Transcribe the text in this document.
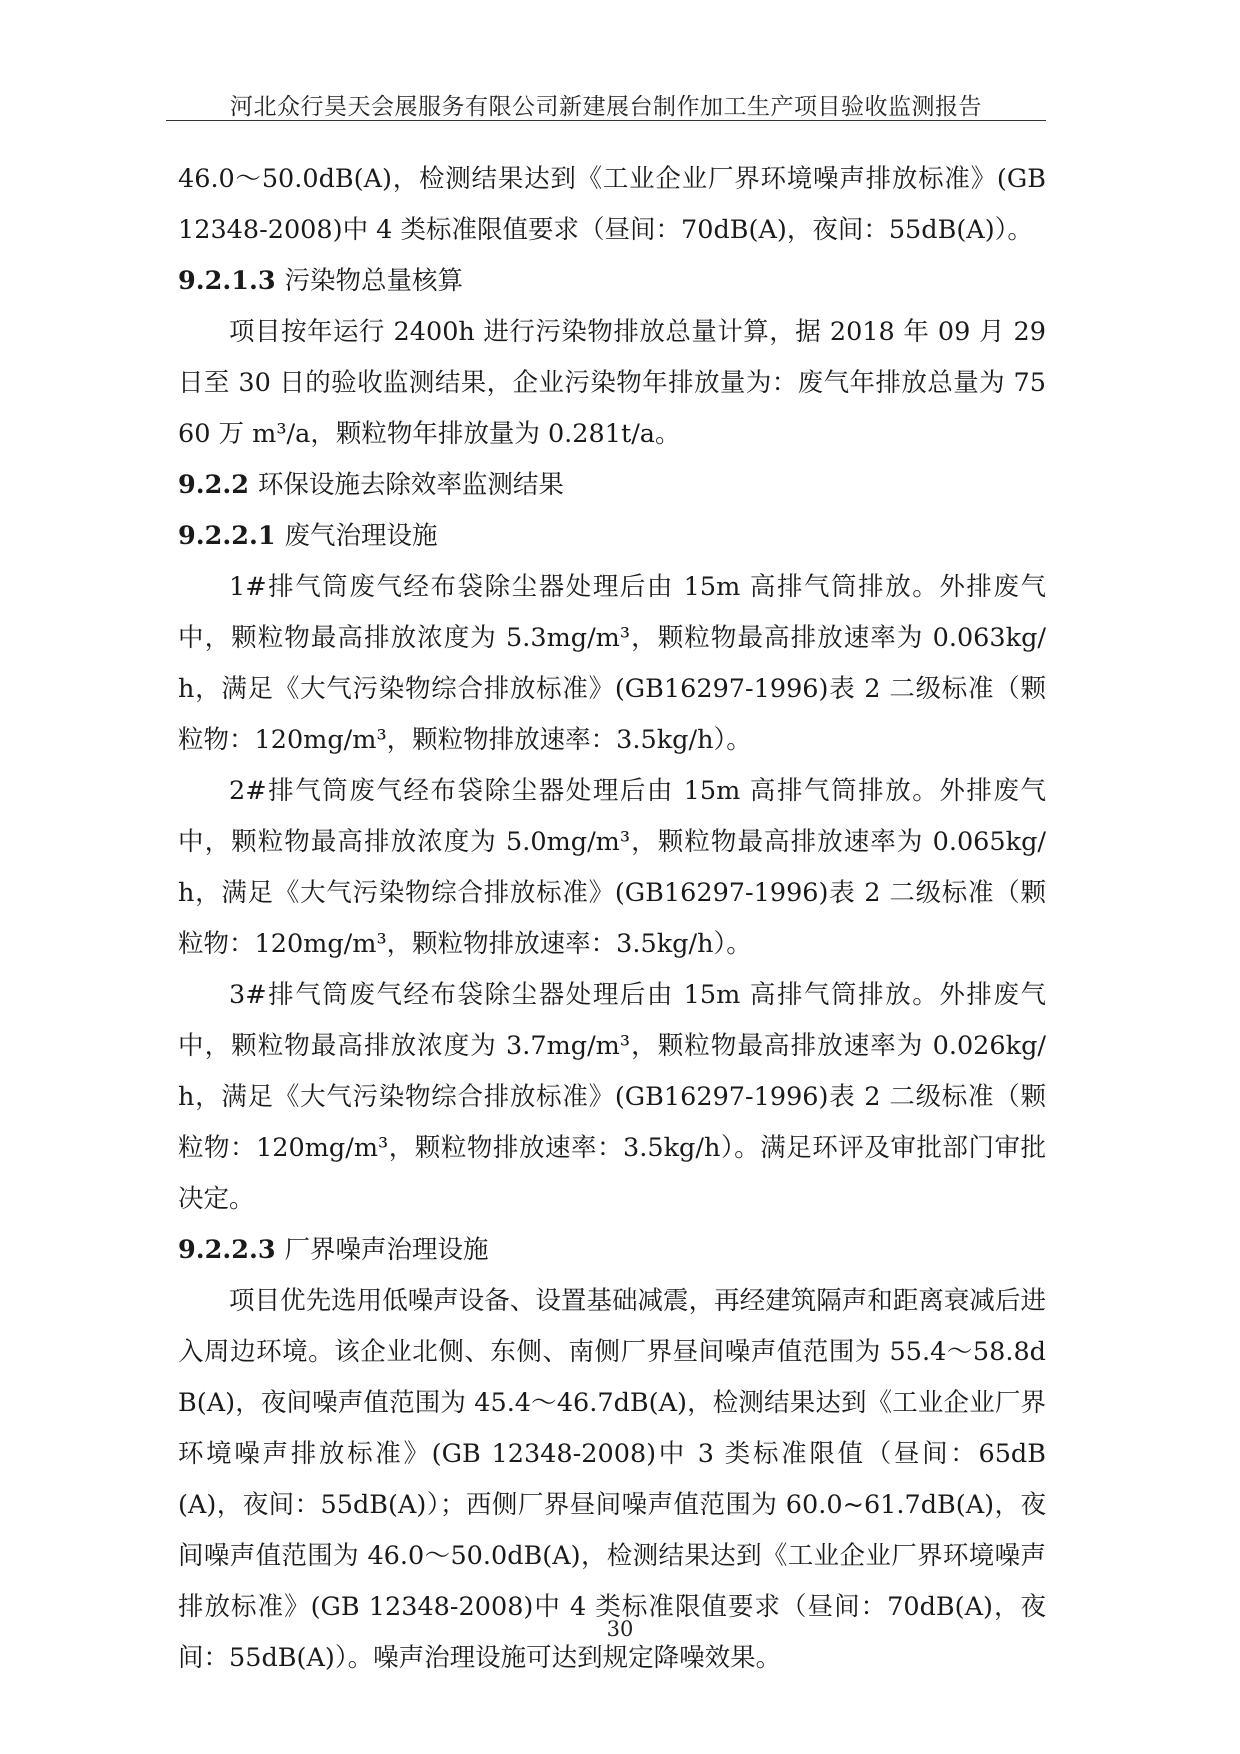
河北众行昊天会展服务有限公司新建展台制作加工生产项目验收监测报告

46.0～50.0dB(A)，检测结果达到《工业企业厂界环境噪声排放标准》(GB 12348-2008)中 4 类标准限值要求（昼间：70dB(A)，夜间：55dB(A)）。

9.2.1.3 污染物总量核算

项目按年运行 2400h 进行污染物排放总量计算，据 2018 年 09 月 29 日至 30 日的验收监测结果，企业污染物年排放量为：废气年排放总量为 7560 万 m³/a，颗粒物年排放量为 0.281t/a。

9.2.2 环保设施去除效率监测结果

9.2.2.1 废气治理设施

1#排气筒废气经布袋除尘器处理后由 15m 高排气筒排放。外排废气中，颗粒物最高排放浓度为 5.3mg/m³，颗粒物最高排放速率为 0.063kg/h，满足《大气污染物综合排放标准》(GB16297-1996)表 2 二级标准（颗粒物：120mg/m³，颗粒物排放速率：3.5kg/h）。

2#排气筒废气经布袋除尘器处理后由 15m 高排气筒排放。外排废气中，颗粒物最高排放浓度为 5.0mg/m³，颗粒物最高排放速率为 0.065kg/h，满足《大气污染物综合排放标准》(GB16297-1996)表 2 二级标准（颗粒物：120mg/m³，颗粒物排放速率：3.5kg/h）。

3#排气筒废气经布袋除尘器处理后由 15m 高排气筒排放。外排废气中，颗粒物最高排放浓度为 3.7mg/m³，颗粒物最高排放速率为 0.026kg/h，满足《大气污染物综合排放标准》(GB16297-1996)表 2 二级标准（颗粒物：120mg/m³，颗粒物排放速率：3.5kg/h）。满足环评及审批部门审批决定。

9.2.2.3 厂界噪声治理设施

项目优先选用低噪声设备、设置基础减震，再经建筑隔声和距离衰减后进入周边环境。该企业北侧、东侧、南侧厂界昼间噪声值范围为 55.4～58.8dB(A)，夜间噪声值范围为 45.4～46.7dB(A)，检测结果达到《工业企业厂界环境噪声排放标准》(GB 12348-2008)中 3 类标准限值（昼间：65dB(A)，夜间：55dB(A)）；西侧厂界昼间噪声值范围为 60.0~61.7dB(A)，夜间噪声值范围为 46.0～50.0dB(A)，检测结果达到《工业企业厂界环境噪声排放标准》(GB 12348-2008)中 4 类标准限值要求（昼间：70dB(A)，夜间：55dB(A)）。噪声治理设施可达到规定降噪效果。

30
